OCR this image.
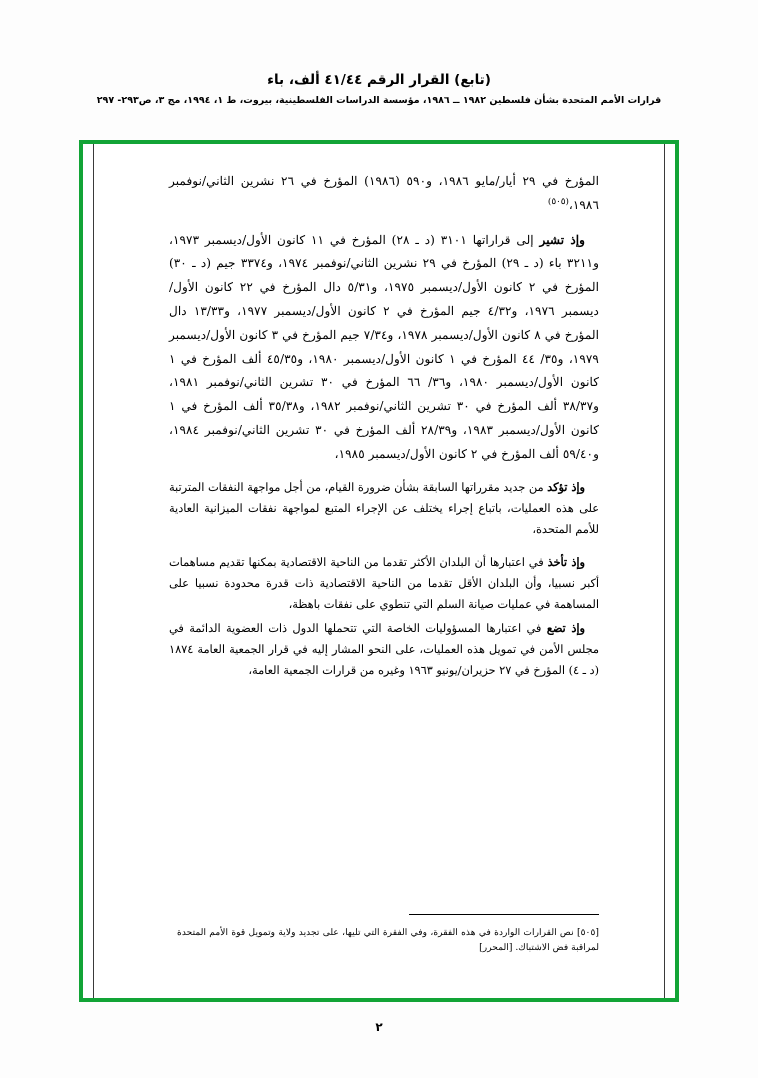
(تابع) القرار الرقم ٤١/٤٤ ألف، باء
قرارات الأمم المتحدة بشأن فلسطين ١٩٨٢ ــ ١٩٨٦، مؤسسة الدراسات الفلسطينية، بيروت، ط ١، ١٩٩٤، مج ٣، ص٢٩٣- ٢٩٧

المؤرخ في ٢٩ أيار/مايو ١٩٨٦، و٥٩٠ (١٩٨٦) المؤرخ في ٢٦ نشرين الثاني/نوفمبر ١٩٨٦،$^{(٥٠٥)}$

وإذ تشير إلى قراراتها ٣١٠١ (د ـ ٢٨) المؤرخ في ١١ كانون الأول/ديسمبر ١٩٧٣، و٣٢١١ باء (د ـ ٢٩) المؤرخ في ٢٩ نشرين الثاني/نوفمبر ١٩٧٤، و٣٣٧٤ جيم (د ـ ٣٠) المؤرخ في ٢ كانون الأول/ديسمبر ١٩٧٥، و٥/٣١ دال المؤرخ في ٢٢ كانون الأول/ديسمبر ١٩٧٦، و٤/٣٢ جيم المؤرخ في ٢ كانون الأول/ديسمبر ١٩٧٧، و١٣/٣٣ دال المؤرخ في ٨ كانون الأول/ديسمبر ١٩٧٨، و٧/٣٤ جيم المؤرخ في ٣ كانون الأول/ديسمبر ١٩٧٩، و٣٥/ ٤٤ المؤرخ في ١ كانون الأول/ديسمبر ١٩٨٠، و٤٥/٣٥ ألف المؤرخ في ١ كانون الأول/ديسمبر ١٩٨٠، و٣٦/ ٦٦ المؤرخ في ٣٠ تشرين الثاني/نوفمبر ١٩٨١، و٣٨/٣٧ ألف المؤرخ في ٣٠ تشرين الثاني/نوفمبر ١٩٨٢، و٣٥/٣٨ ألف المؤرخ في ١ كانون الأول/ديسمبر ١٩٨٣، و٢٨/٣٩ ألف المؤرخ في ٣٠ تشرين الثاني/نوفمبر ١٩٨٤، و٥٩/٤٠ ألف المؤرخ في ٢ كانون الأول/ديسمبر ١٩٨٥،

وإذ تؤكد من جديد مقرراتها السابقة بشأن ضرورة القيام، من أجل مواجهة النفقات المترتبة على هذه العمليات، باتباع إجراء يختلف عن الإجراء المتبع لمواجهة نفقات الميزانية العادية للأمم المتحدة،

وإذ تأخذ في اعتبارها أن البلدان الأكثر تقدما من الناحية الاقتصادية بمكنها تقديم مساهمات أكبر نسبيا، وأن البلدان الأقل تقدما من الناحية الاقتصادية ذات قدرة محدودة نسبيا على المساهمة في عمليات صيانة السلم التي تنطوي على نفقات باهظة،

وإذ تضع في اعتبارها المسؤوليات الخاصة التي تتحملها الدول ذات العضوية الدائمة في مجلس الأمن في تمويل هذه العمليات، على النحو المشار إليه في قرار الجمعية العامة ١٨٧٤ (د ـ ٤) المؤرخ في ٢٧ حزيران/يونيو ١٩٦٣ وغيره من قرارات الجمعية العامة،

[٥٠٥] نص القرارات الواردة في هذه الفقرة، وفي الفقرة التي تليها، على تجديد ولاية وتمويل قوة الأمم المتحدة لمراقبة فض الاشتباك. [المحرر]
٢
